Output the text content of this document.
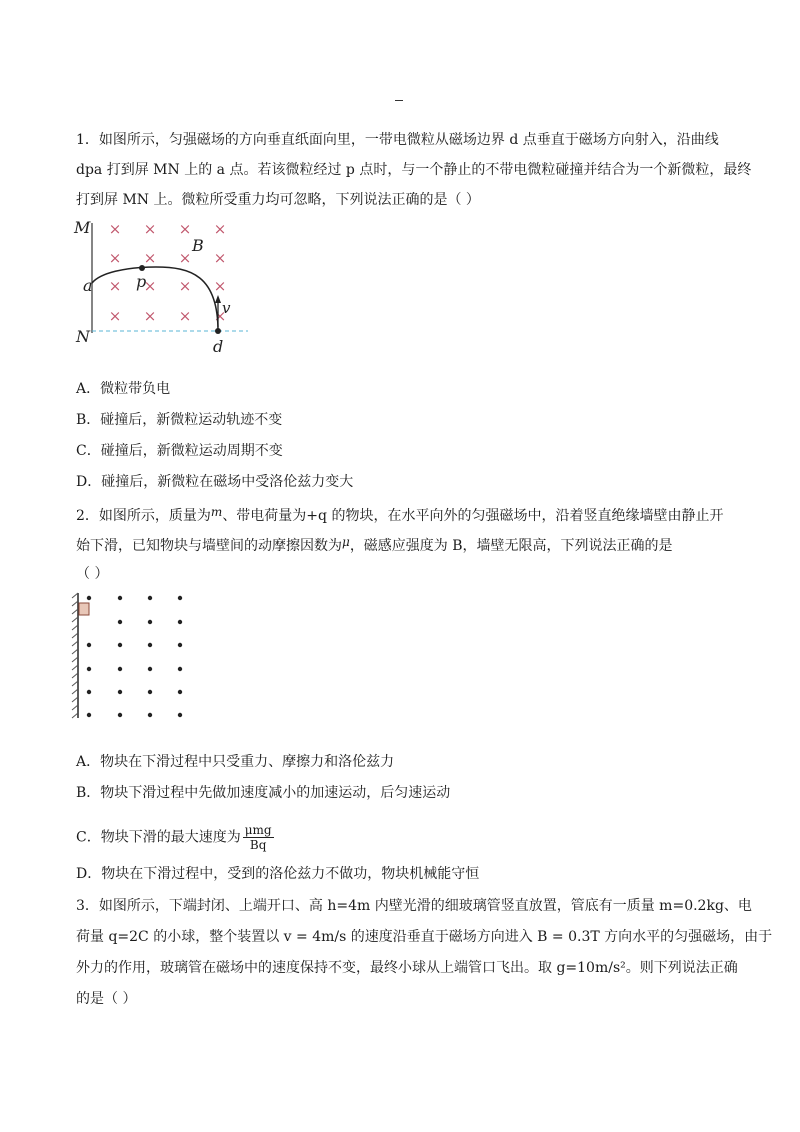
1．如图所示，匀强磁场的方向垂直纸面向里，一带电微粒从磁场边界 d 点垂直于磁场方向射入，沿曲线
dpa 打到屏 MN 上的 a 点。若该微粒经过 p 点时，与一个静止的不带电微粒碰撞并结合为一个新微粒，最终
打到屏 MN 上。微粒所受重力均可忽略，下列说法正确的是（ ）
M
N
a	p
B
v
d
× × × ×
× × × ×
× × × ×
× × × ×
A．微粒带负电
B．碰撞后，新微粒运动轨迹不变
C．碰撞后，新微粒运动周期不变
D．碰撞后，新微粒在磁场中受洛伦兹力变大
2．如图所示，质量为m、带电荷量为+q 的物块，在水平向外的匀强磁场中，沿着竖直绝缘墙壁由静止开
始下滑，已知物块与墙壁间的动摩擦因数为μ，磁感应强度为 B，墙壁无限高，下列说法正确的是
（ ）
A．物块在下滑过程中只受重力、摩擦力和洛伦兹力
B．物块下滑过程中先做加速度减小的加速运动，后匀速运动
C．物块下滑的最大速度为 $\frac{\text{μmg}}{Bq}$
D．物块在下滑过程中，受到的洛伦兹力不做功，物块机械能守恒
3．如图所示，下端封闭、上端开口、高 h=4m 内壁光滑的细玻璃管竖直放置，管底有一质量 m=0.2kg、电
荷量 q=2C 的小球，整个装置以 v = 4m/s 的速度沿垂直于磁场方向进入 B = 0.3T 方向水平的匀强磁场，由于
外力的作用，玻璃管在磁场中的速度保持不变，最终小球从上端管口飞出。取 g=10m/s²。则下列说法正确
的是（ ）
